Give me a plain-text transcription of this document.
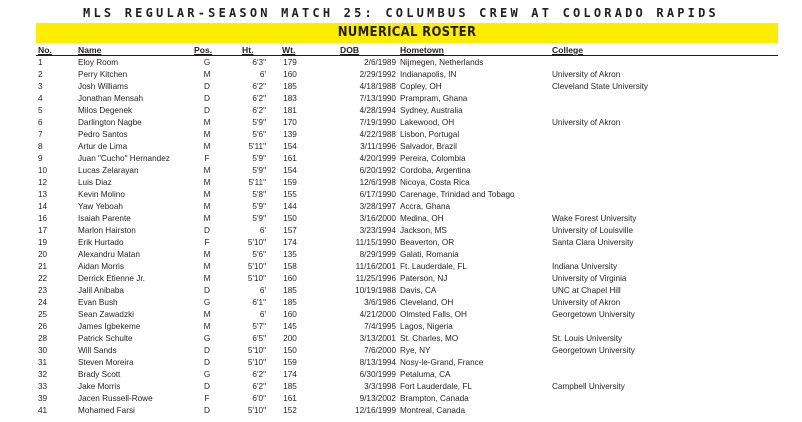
MLS REGULAR-SEASON MATCH 25: COLUMBUS CREW AT COLORADO RAPIDS
NUMERICAL ROSTER
No.	Name	Pos.	Ht.	Wt.	DOB	Hometown	College
1	Eloy Room	G	6'3"	179	2/6/1989 Nijmegen, Netherlands
2	Perry Kitchen	M	6'	160	2/29/1992 Indianapolis, IN	University of Akron
3	Josh Williams	D	6'2"	185	4/18/1988 Copley, OH	Cleveland State University
4	Jonathan Mensah	D	6'2"	183	7/13/1990 Prampram, Ghana
5	Milos Degenek	D	6'2"	181	4/28/1994 Sydney, Australia
6	Darlington Nagbe	M	5'9"	170	7/19/1990 Lakewood, OH	University of Akron
7	Pedro Santos	M	5'6"	139	4/22/1988 Lisbon, Portugal
8	Artur de Lima	M	5'11"	154	3/11/1996 Salvador, Brazil
9	Juan "Cucho" Hernandez	F	5'9"	161	4/20/1999 Pereira, Colombia
10	Lucas Zelarayan	M	5'9"	154	6/20/1992 Cordoba, Argentina
12	Luis Diaz	M	5'11"	159	12/6/1998 Nicoya, Costa Rica
13	Kevin Molino	M	5'8"	155	6/17/1990 Carenage, Trinidad and Tobago
14	Yaw Yeboah	M	5'9"	144	3/28/1997 Accra, Ghana
16	Isaiah Parente	M	5'9"	150	3/16/2000 Medina, OH	Wake Forest University
17	Marlon Hairston	D	6'	157	3/23/1994 Jackson, MS	University of Louisville
19	Erik Hurtado	F	5'10"	174	11/15/1990 Beaverton, OR	Santa Clara University
20	Alexandru Matan	M	5'6"	135	8/29/1999 Galati, Romania
21	Aidan Morris	M	5'10"	158	11/16/2001 Ft. Lauderdale, FL	Indiana University
22	Derrick Etienne Jr.	M	5'10"	160	11/25/1996 Paterson, NJ	University of Virginia
23	Jalil Anibaba	D	6'	185	10/19/1988 Davis, CA	UNC at Chapel Hill
24	Evan Bush	G	6'1"	185	3/6/1986 Cleveland, OH	University of Akron
25	Sean Zawadzki	M	6'	160	4/21/2000 Olmsted Falls, OH	Georgetown University
26	James Igbekeme	M	5'7"	145	7/4/1995 Lagos, Nigeria
28	Patrick Schulte	G	6'5"	200	3/13/2001 St. Charles, MO	St. Louis University
30	Will Sands	D	5'10"	150	7/6/2000 Rye, NY	Georgetown University
31	Steven Moreira	D	5'10"	159	8/13/1994 Nosy-le-Grand, France
32	Brady Scott	G	6'2"	174	6/30/1999 Petaluma, CA
33	Jake Morris	D	6'2"	185	3/3/1998 Fort Lauderdale, FL	Campbell University
39	Jacen Russell-Rowe	F	6'0"	161	9/13/2002 Brampton, Canada
41	Mohamed Farsi	D	5'10"	152	12/16/1999 Montreal, Canada
